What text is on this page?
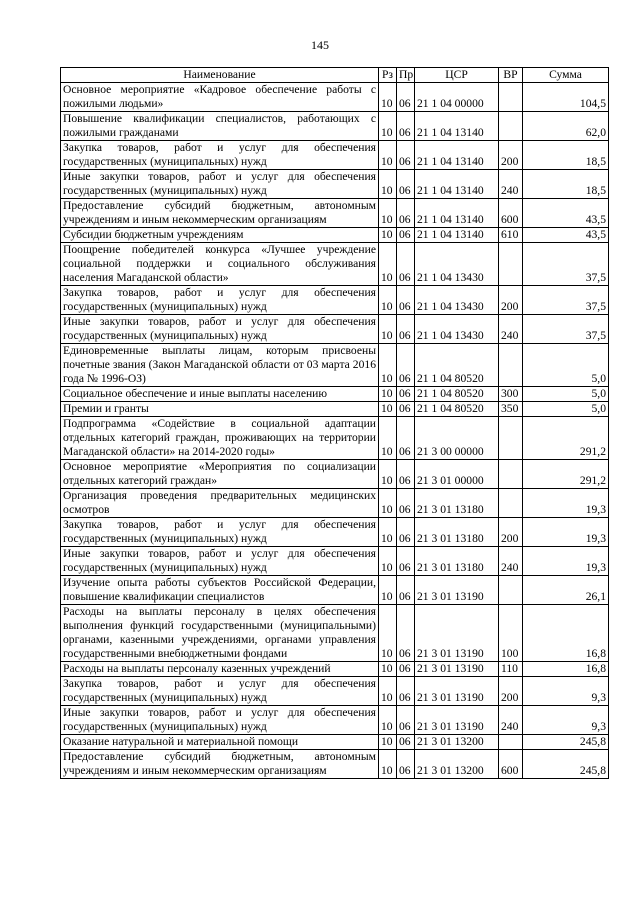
145
Наименование	Рз	Пр	ЦСР	ВР	Сумма
Основное мероприятие «Кадровое обеспечение работы с пожилыми людьми»	10	06	21 1 04 00000		104,5
Повышение квалификации специалистов, работающих с пожилыми гражданами	10	06	21 1 04 13140		62,0
Закупка товаров, работ и услуг для обеспечения государственных (муниципальных) нужд	10	06	21 1 04 13140	200	18,5
Иные закупки товаров, работ и услуг для обеспечения государственных (муниципальных) нужд	10	06	21 1 04 13140	240	18,5
Предоставление субсидий бюджетным, автономным учреждениям и иным некоммерческим организациям	10	06	21 1 04 13140	600	43,5
Субсидии бюджетным учреждениям	10	06	21 1 04 13140	610	43,5
Поощрение победителей конкурса «Лучшее учреждение социальной поддержки и социального обслуживания населения Магаданской области»	10	06	21 1 04 13430		37,5
Закупка товаров, работ и услуг для обеспечения государственных (муниципальных) нужд	10	06	21 1 04 13430	200	37,5
Иные закупки товаров, работ и услуг для обеспечения государственных (муниципальных) нужд	10	06	21 1 04 13430	240	37,5
Единовременные выплаты лицам, которым присвоены почетные звания (Закон Магаданской области от 03 марта 2016 года № 1996-ОЗ)	10	06	21 1 04 80520		5,0
Социальное обеспечение и иные выплаты населению	10	06	21 1 04 80520	300	5,0
Премии и гранты	10	06	21 1 04 80520	350	5,0
Подпрограмма «Содействие в социальной адаптации отдельных категорий граждан, проживающих на территории Магаданской области» на 2014-2020 годы»	10	06	21 3 00 00000		291,2
Основное мероприятие «Мероприятия по социализации отдельных категорий граждан»	10	06	21 3 01 00000		291,2
Организация проведения предварительных медицинских осмотров	10	06	21 3 01 13180		19,3
Закупка товаров, работ и услуг для обеспечения государственных (муниципальных) нужд	10	06	21 3 01 13180	200	19,3
Иные закупки товаров, работ и услуг для обеспечения государственных (муниципальных) нужд	10	06	21 3 01 13180	240	19,3
Изучение опыта работы субъектов Российской Федерации, повышение квалификации специалистов	10	06	21 3 01 13190		26,1
Расходы на выплаты персоналу в целях обеспечения выполнения функций государственными (муниципальными) органами, казенными учреждениями, органами управления государственными внебюджетными фондами	10	06	21 3 01 13190	100	16,8
Расходы на выплаты персоналу казенных учреждений	10	06	21 3 01 13190	110	16,8
Закупка товаров, работ и услуг для обеспечения государственных (муниципальных) нужд	10	06	21 3 01 13190	200	9,3
Иные закупки товаров, работ и услуг для обеспечения государственных (муниципальных) нужд	10	06	21 3 01 13190	240	9,3
Оказание натуральной и материальной помощи	10	06	21 3 01 13200		245,8
Предоставление субсидий бюджетным, автономным учреждениям и иным некоммерческим организациям	10	06	21 3 01 13200	600	245,8
